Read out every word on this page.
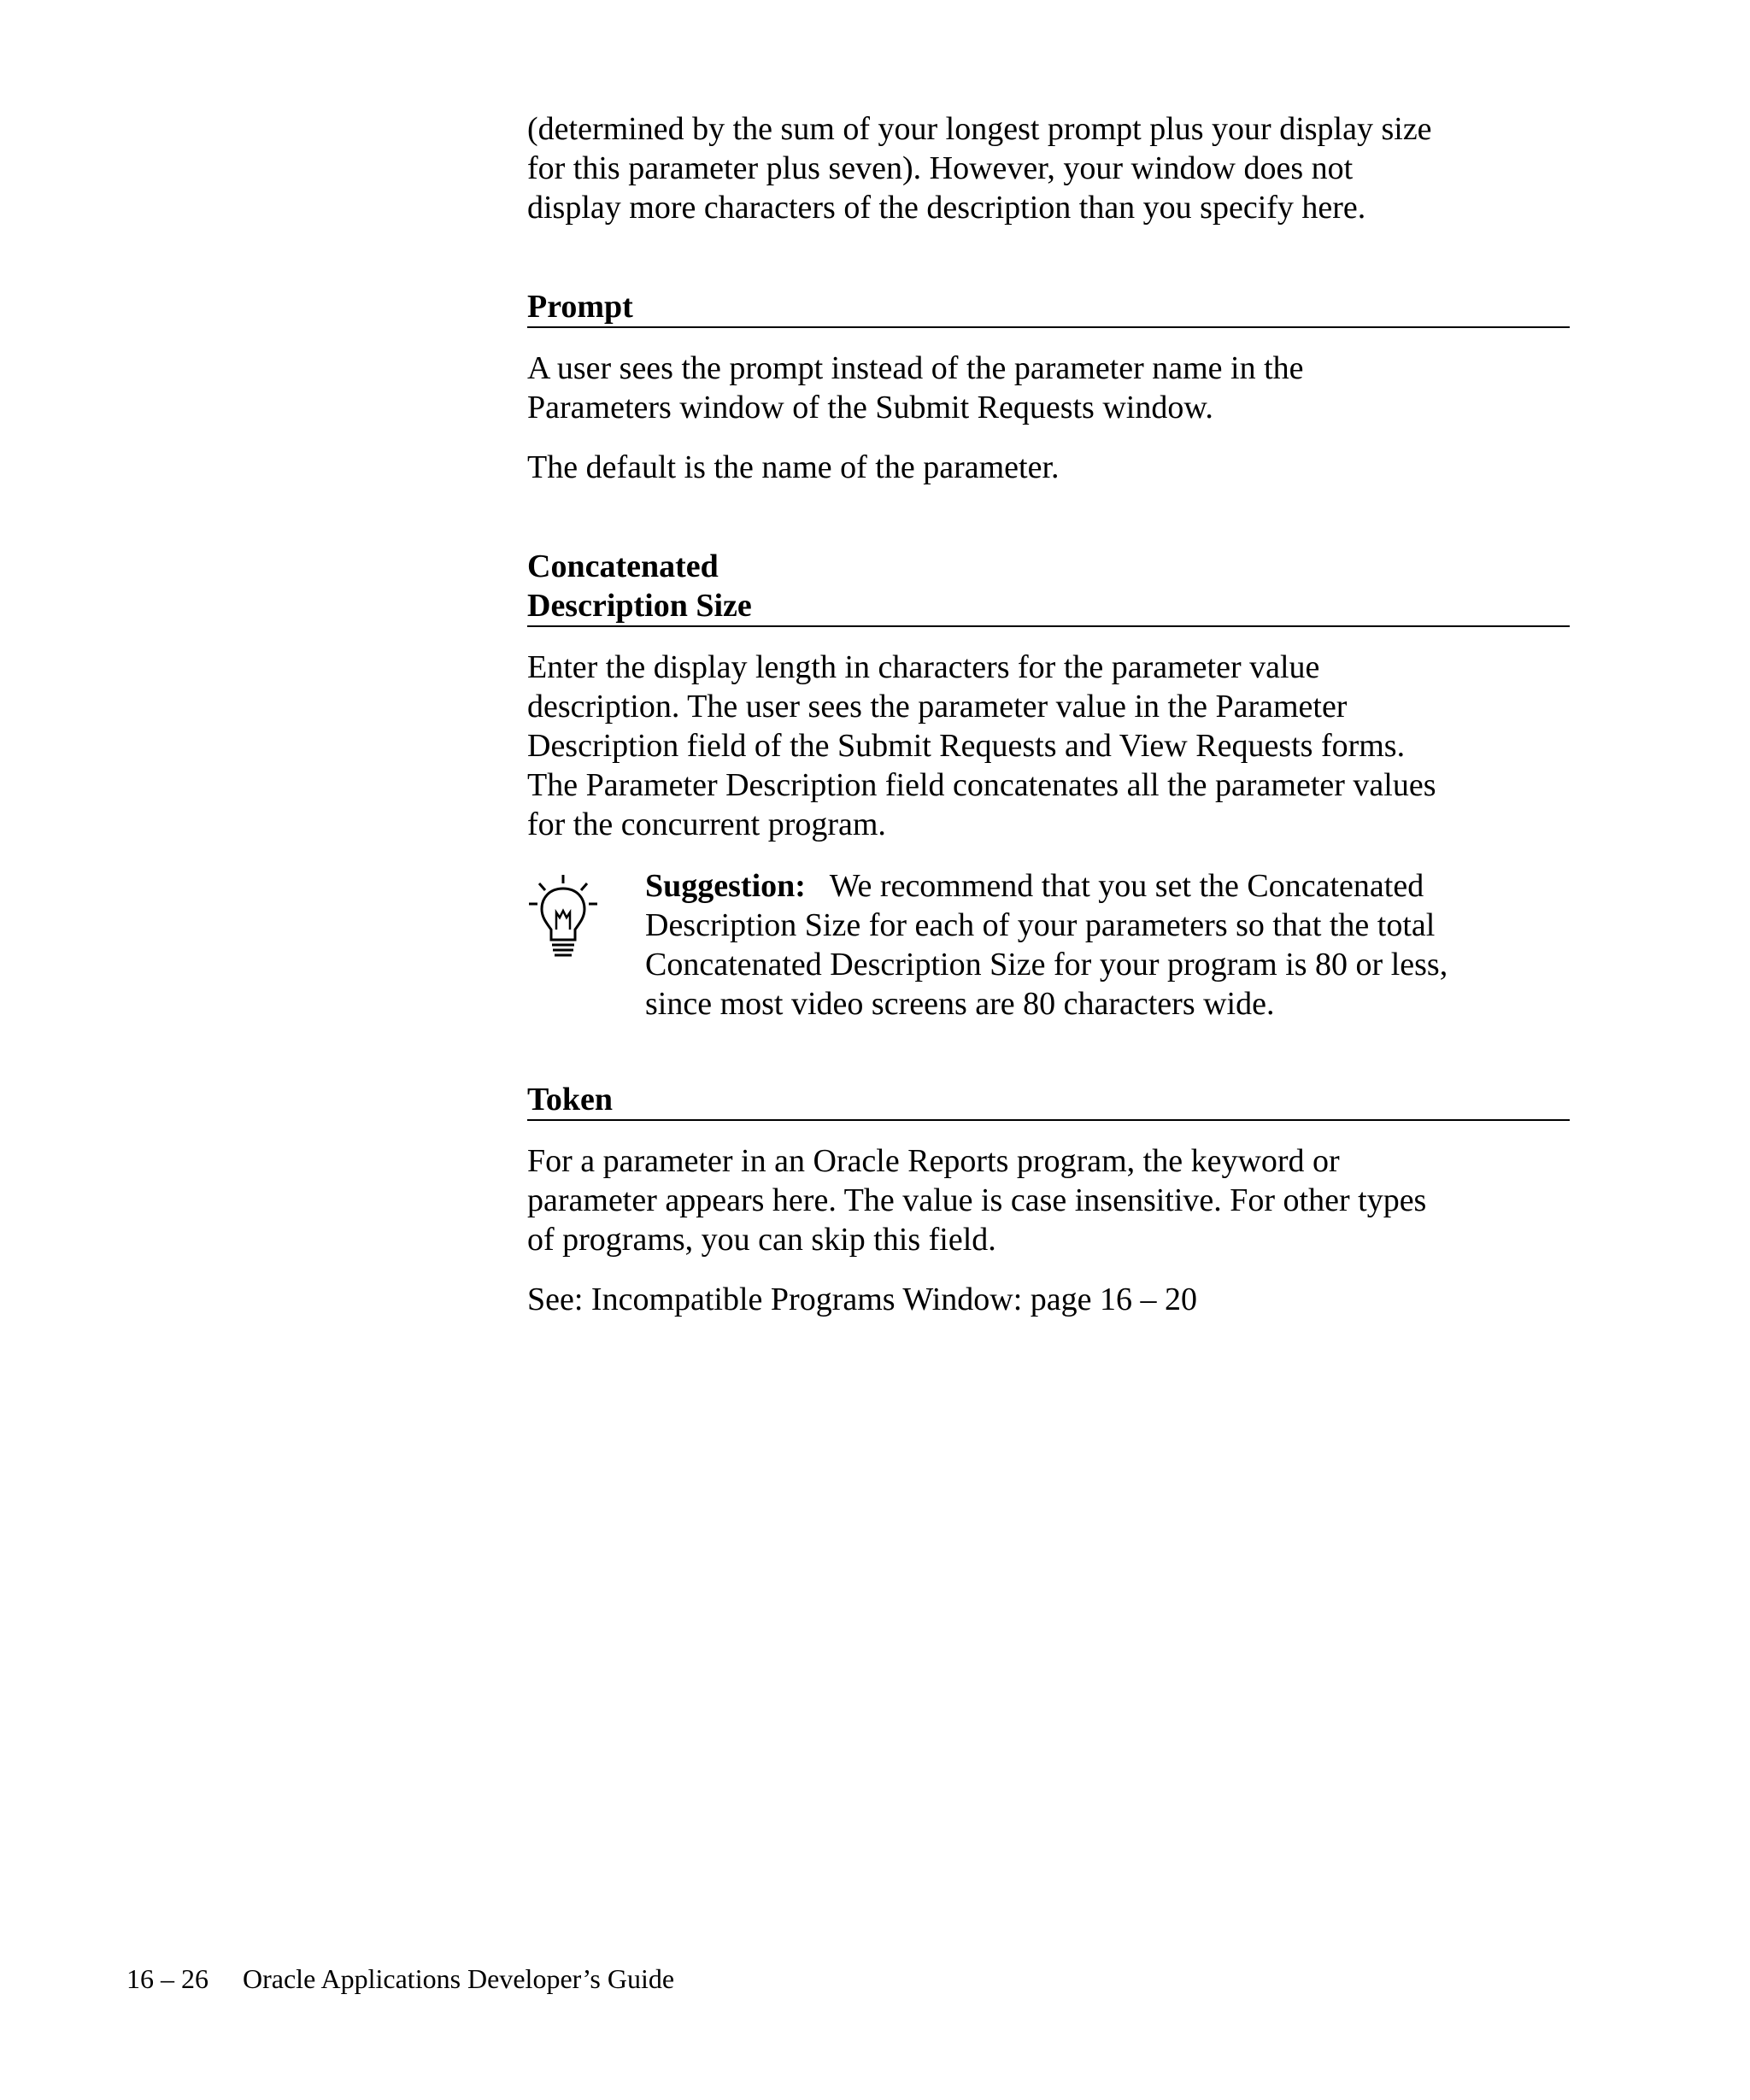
(determined by the sum of your longest prompt plus your display size

for this parameter plus seven). However, your window does not

display more characters of the description than you specify here.

Prompt

A user sees the prompt instead of the parameter name in the

Parameters window of the Submit Requests window.

The default is the name of the parameter.

Concatenated
Description Size

Enter the display length in characters for the parameter value

description. The user sees the parameter value in the Parameter

Description field of the Submit Requests and View Requests forms.

The Parameter Description field concatenates all the parameter values

for the concurrent program.

Suggestion:   We recommend that you set the Concatenated

Description Size for each of your parameters so that the total

Concatenated Description Size for your program is 80 or less,

since most video screens are 80 characters wide.

Token

For a parameter in an Oracle Reports program, the keyword or

parameter appears here. The value is case insensitive. For other types

of programs, you can skip this field.

See: Incompatible Programs Window: page 16 – 20

16 – 26 Oracle Applications Developer’s Guide
